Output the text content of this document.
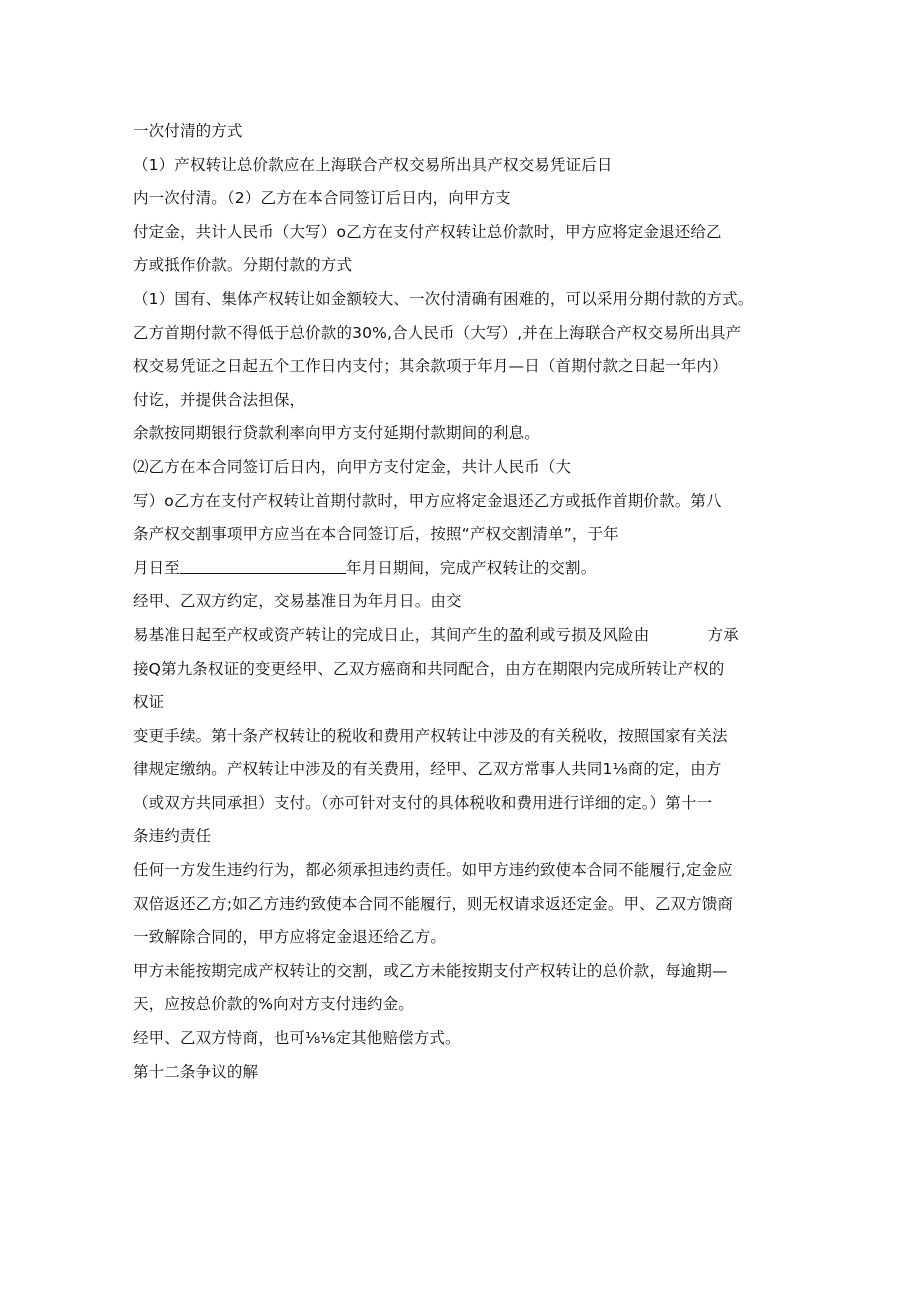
一次付清的方式
（1）产权转让总价款应在上海联合产权交易所出具产权交易凭证后日
内一次付清。（2）乙方在本合同签订后日内，向甲方支
付定金，共计人民币（大写）o乙方在支付产权转让总价款时，甲方应将定金退还给乙
方或抵作价款。分期付款的方式
（1）国有、集体产权转让如金额较大、一次付清确有困难的，可以采用分期付款的方式。
乙方首期付款不得低于总价款的30%,合人民币（大写）,并在上海联合产权交易所出具产
权交易凭证之日起五个工作日内支付；其余款项于年月—日（首期付款之日起一年内）
付讫，并提供合法担保，
余款按同期银行贷款利率向甲方支付延期付款期间的利息。
⑵乙方在本合同签订后日内，向甲方支付定金，共计人民币（大
写）o乙方在支付产权转让首期付款时，甲方应将定金退还乙方或抵作首期价款。第八
条产权交割事项甲方应当在本合同签订后，按照“产权交割清单”，于年
月日至	年月日期间，完成产权转让的交割。
经甲、乙双方约定，交易基准日为年月日。由交
易基准日起至产权或资产转让的完成日止，其间产生的盈利或亏损及风险由	方承
接Q第九条权证的变更经甲、乙双方癌商和共同配合，由方在期限内完成所转让产权的
权证
变更手续。第十条产权转让的税收和费用产权转让中涉及的有关税收，按照国家有关法
律规定缴纳。产权转让中涉及的有关费用，经甲、乙双方常事人共同1⅛商的定，由方
（或双方共同承担）支付。（亦可针对支付的具体税收和费用进行详细的定。）第十一
条违约责任
任何一方发生违约行为，都必须承担违约责任。如甲方违约致使本合同不能履行,定金应
双倍返还乙方;如乙方违约致使本合同不能履行，则无权请求返还定金。甲、乙双方馈商
一致解除合同的，甲方应将定金退还给乙方。
甲方未能按期完成产权转让的交割，或乙方未能按期支付产权转让的总价款，每逾期—
天，应按总价款的%向对方支付违约金。
经甲、乙双方恃商，也可⅛⅛定其他赔偿方式。
第十二条争议的解
